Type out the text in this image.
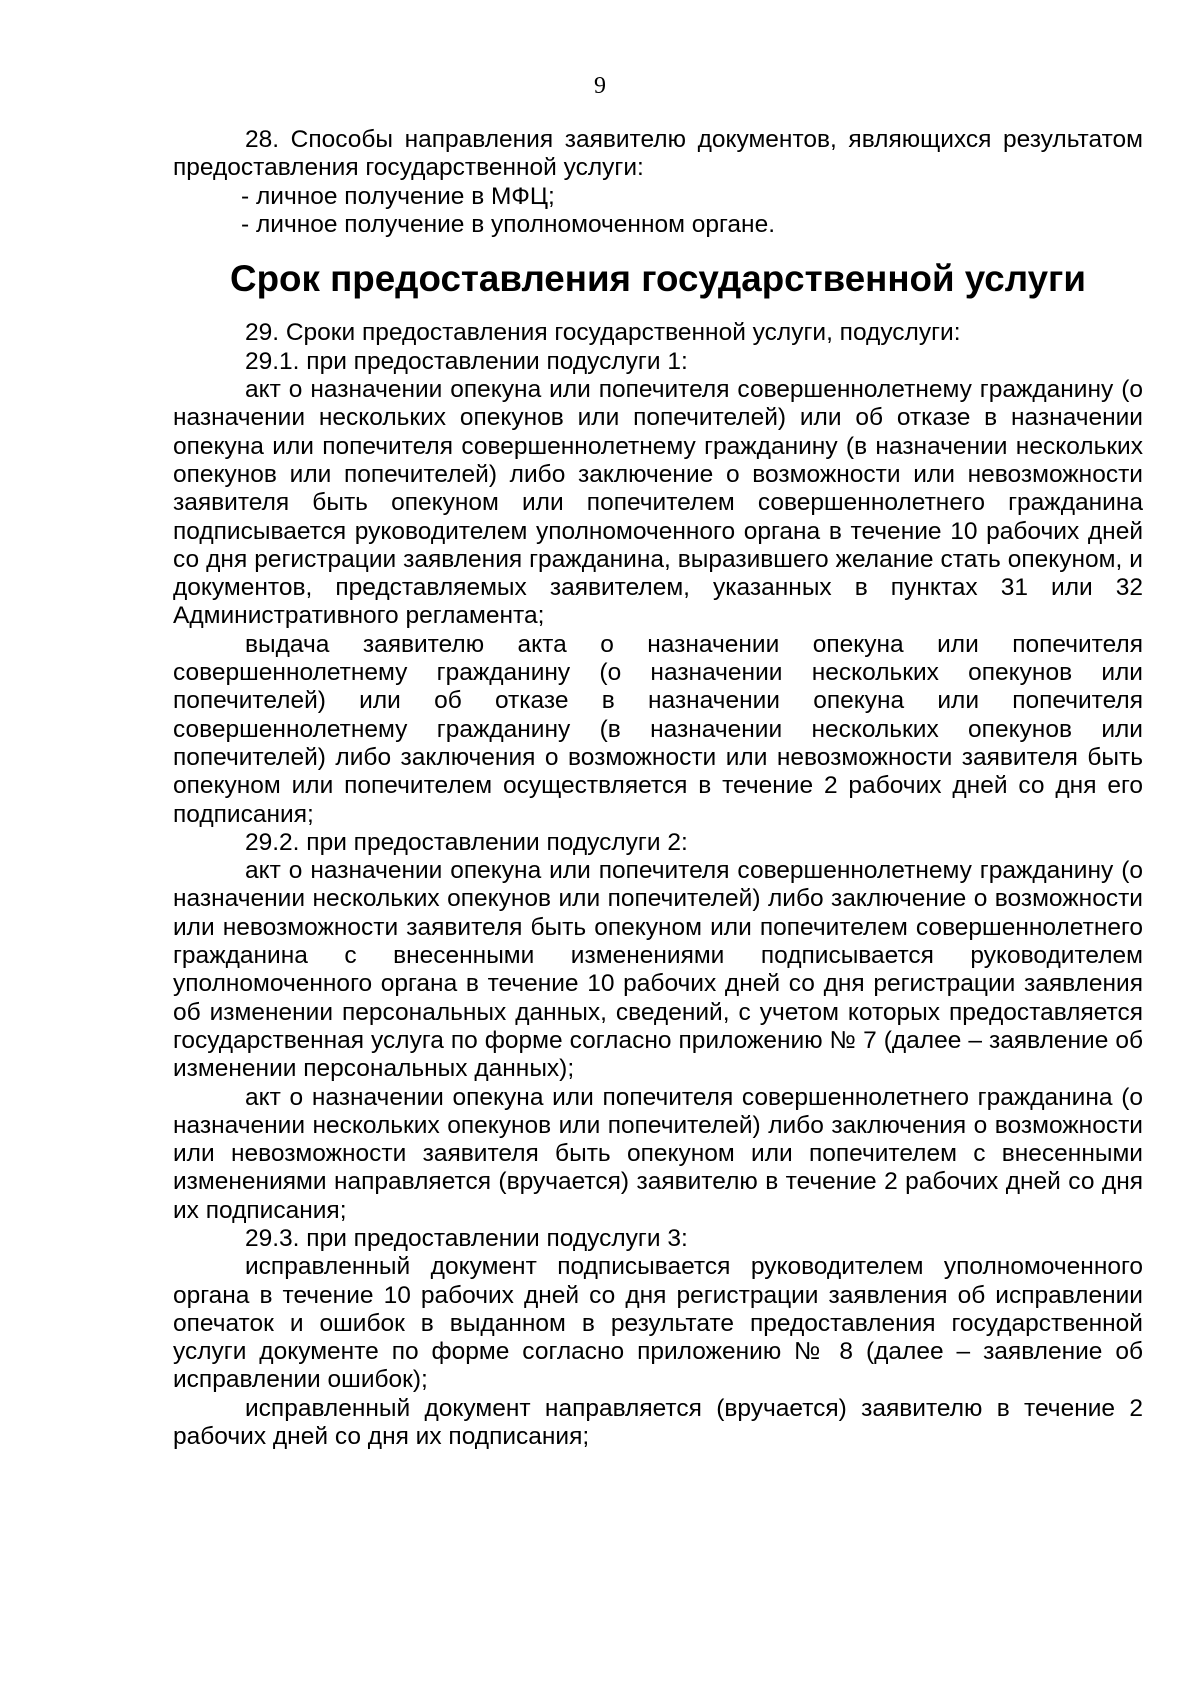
9

28. Способы направления заявителю документов, являющихся результатом предоставления государственной услуги:

- личное получение в МФЦ;

- личное получение в уполномоченном органе.

Срок предоставления государственной услуги

29. Сроки предоставления государственной услуги, подуслуги:

29.1. при предоставлении подуслуги 1:

акт о назначении опекуна или попечителя совершеннолетнему гражданину (о назначении нескольких опекунов или попечителей) или об отказе в назначении опекуна или попечителя совершеннолетнему гражданину (в назначении нескольких опекунов или попечителей) либо заключение о возможности или невозможности заявителя быть опекуном или попечителем совершеннолетнего гражданина подписывается руководителем уполномоченного органа в течение 10 рабочих дней со дня регистрации заявления гражданина, выразившего желание стать опекуном, и документов, представляемых заявителем, указанных в пунктах 31 или 32 Административного регламента;

выдача заявителю акта о назначении опекуна или попечителя совершеннолетнему гражданину (о назначении нескольких опекунов или попечителей) или об отказе в назначении опекуна или попечителя совершеннолетнему гражданину (в назначении нескольких опекунов или попечителей) либо заключения о возможности или невозможности заявителя быть опекуном или попечителем осуществляется в течение 2 рабочих дней со дня его подписания;

29.2. при предоставлении подуслуги 2:

акт о назначении опекуна или попечителя совершеннолетнему гражданину (о назначении нескольких опекунов или попечителей) либо заключение о возможности или невозможности заявителя быть опекуном или попечителем совершеннолетнего гражданина с внесенными изменениями подписывается руководителем уполномоченного органа в течение 10 рабочих дней со дня регистрации заявления об изменении персональных данных, сведений, с учетом которых предоставляется государственная услуга по форме согласно приложению № 7 (далее – заявление об изменении персональных данных);

акт о назначении опекуна или попечителя совершеннолетнего гражданина (о назначении нескольких опекунов или попечителей) либо заключения о возможности или невозможности заявителя быть опекуном или попечителем с внесенными изменениями направляется (вручается) заявителю в течение 2 рабочих дней со дня их подписания;

29.3. при предоставлении подуслуги 3:

исправленный документ подписывается руководителем уполномоченного органа в течение 10 рабочих дней со дня регистрации заявления об исправлении опечаток и ошибок в выданном в результате предоставления государственной услуги документе по форме согласно приложению № 8 (далее – заявление об исправлении ошибок);

исправленный документ направляется (вручается) заявителю в течение 2 рабочих дней со дня их подписания;
